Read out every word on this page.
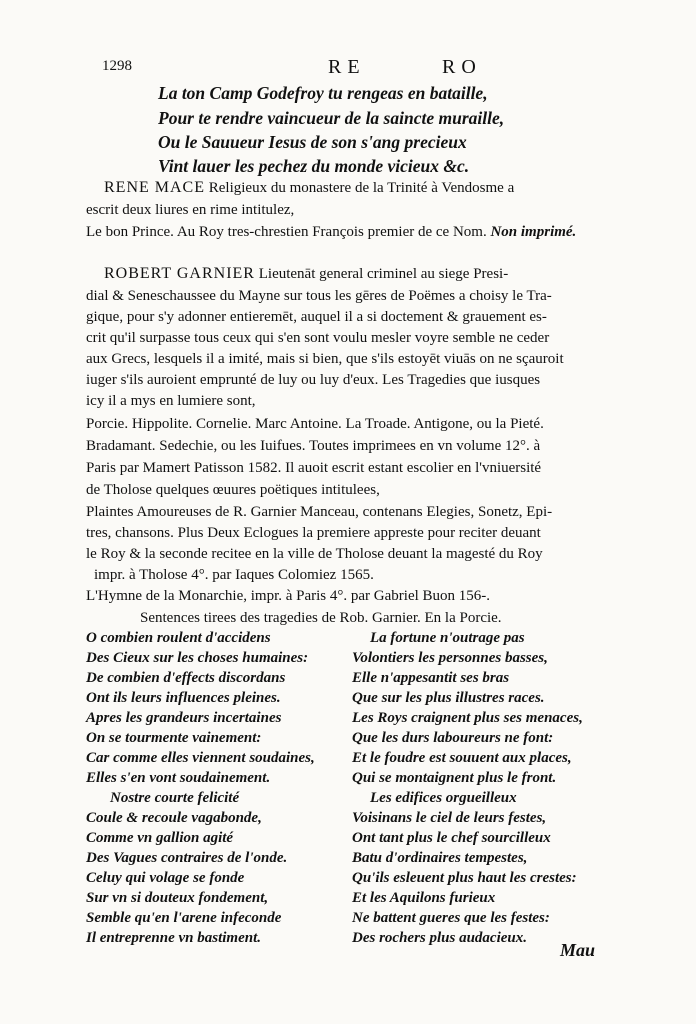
1298	RE	RO
La ton Camp Godefroy tu rengeas en bataille,
Pour te rendre vaincueur de la saincte muraille,
Ou le Sauueur Iesus de son s'ang precieux
Vint lauer les pechez du monde vicieux &c.
RENE MACE Religieux du monastere de la Trinité à Vendosme a
escrit deux liures en rime intitulez,
Le bon Prince. Au Roy tres-chrestien François premier de ce Nom. Non imprimé.
ROBERT GARNIER Lieutenāt general criminel au siege Presi-
dial & Seneschaussee du Mayne sur tous les gēres de Poëmes a choisy le Tra-
gique, pour s'y adonner entieremēt, auquel il a si doctement & grauement es-
crit qu'il surpasse tous ceux qui s'en sont voulu mesler voyre semble ne ceder
aux Grecs, lesquels il a imité, mais si bien, que s'ils estoyēt viuās on ne sçauroit
iuger s'ils auroient emprunté de luy ou luy d'eux. Les Tragedies que iusques
icy il a mys en lumiere sont,
Porcie. Hippolite. Cornelie. Marc Antoine. La Troade. Antigone, ou la Pieté.
Bradamant. Sedechie, ou les Iuifues. Toutes imprimees en vn volume 12°. à
Paris par Mamert Patisson 1582. Il auoit escrit estant escolier en l'vniuersité
de Tholose quelques œuures poëtiques intitulees,
Plaintes Amoureuses de R. Garnier Manceau, contenans Elegies, Sonetz, Epi-
tres, chansons. Plus Deux Eclogues la premiere appreste pour reciter deuant
le Roy & la seconde recitee en la ville de Tholose deuant la magesté du Roy
impr. à Tholose 4°. par Iaques Colomiez 1565.
L'Hymne de la Monarchie, impr. à Paris 4°. par Gabriel Buon 156-.
Sentences tirees des tragedies de Rob. Garnier. En la Porcie.
O combien roulent d'accidens
Des Cieux sur les choses humaines:
De combien d'effects discordans
Ont ils leurs influences pleines.
Apres les grandeurs incertaines
On se tourmente vainement:
Car comme elles viennent soudaines,
Elles s'en vont soudainement.
Nostre courte felicité
Coule & recoule vagabonde,
Comme vn gallion agité
Des Vagues contraires de l'onde.
Celuy qui volage se fonde
Sur vn si douteux fondement,
Semble qu'en l'arene infeconde
Il entreprenne vn bastiment.
La fortune n'outrage pas
Volontiers les personnes basses,
Elle n'appesantit ses bras
Que sur les plus illustres races.
Les Roys craignent plus ses menaces,
Que les durs laboureurs ne font:
Et le foudre est souuent aux places,
Qui se montaignent plus le front.
Les edifices orgueilleux
Voisinans le ciel de leurs festes,
Ont tant plus le chef sourcilleux
Batu d'ordinaires tempestes,
Qu'ils esleuent plus haut les crestes:
Et les Aquilons furieux
Ne battent gueres que les festes:
Des rochers plus audacieux.
Mau
